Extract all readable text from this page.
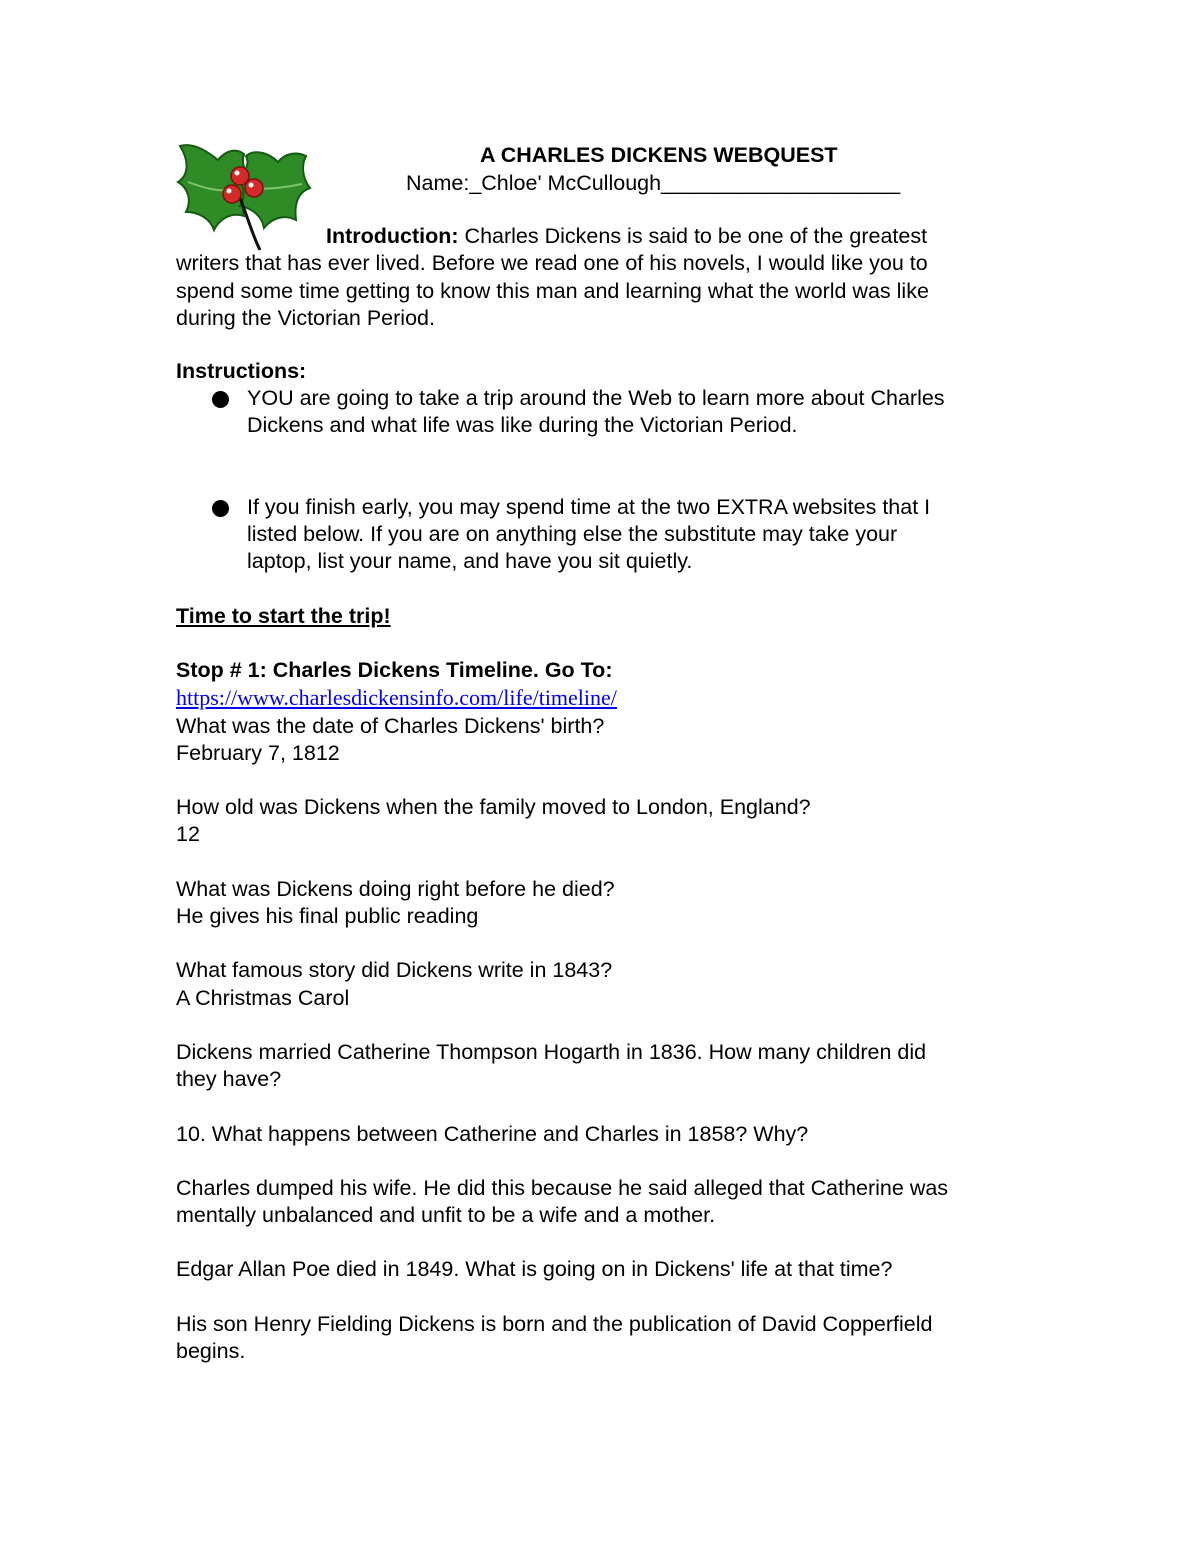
A CHARLES DICKENS WEBQUEST
Name:_Chloe' McCullough____________________
Introduction: Charles Dickens is said to be one of the greatest
writers that has ever lived. Before we read one of his novels, I would like you to
spend some time getting to know this man and learning what the world was like
during the Victorian Period.
Instructions:
YOU are going to take a trip around the Web to learn more about Charles
Dickens and what life was like during the Victorian Period.
If you finish early, you may spend time at the two EXTRA websites that I
listed below. If you are on anything else the substitute may take your
laptop, list your name, and have you sit quietly.
Time to start the trip!
Stop # 1: Charles Dickens Timeline. Go To:
https://www.charlesdickensinfo.com/life/timeline/
What was the date of Charles Dickens' birth?
February 7, 1812
How old was Dickens when the family moved to London, England?
12
What was Dickens doing right before he died?
He gives his final public reading
What famous story did Dickens write in 1843?
A Christmas Carol
Dickens married Catherine Thompson Hogarth in 1836. How many children did
they have?
10. What happens between Catherine and Charles in 1858? Why?
Charles dumped his wife. He did this because he said alleged that Catherine was
mentally unbalanced and unfit to be a wife and a mother.
Edgar Allan Poe died in 1849. What is going on in Dickens' life at that time?
His son Henry Fielding Dickens is born and the publication of David Copperfield
begins.
